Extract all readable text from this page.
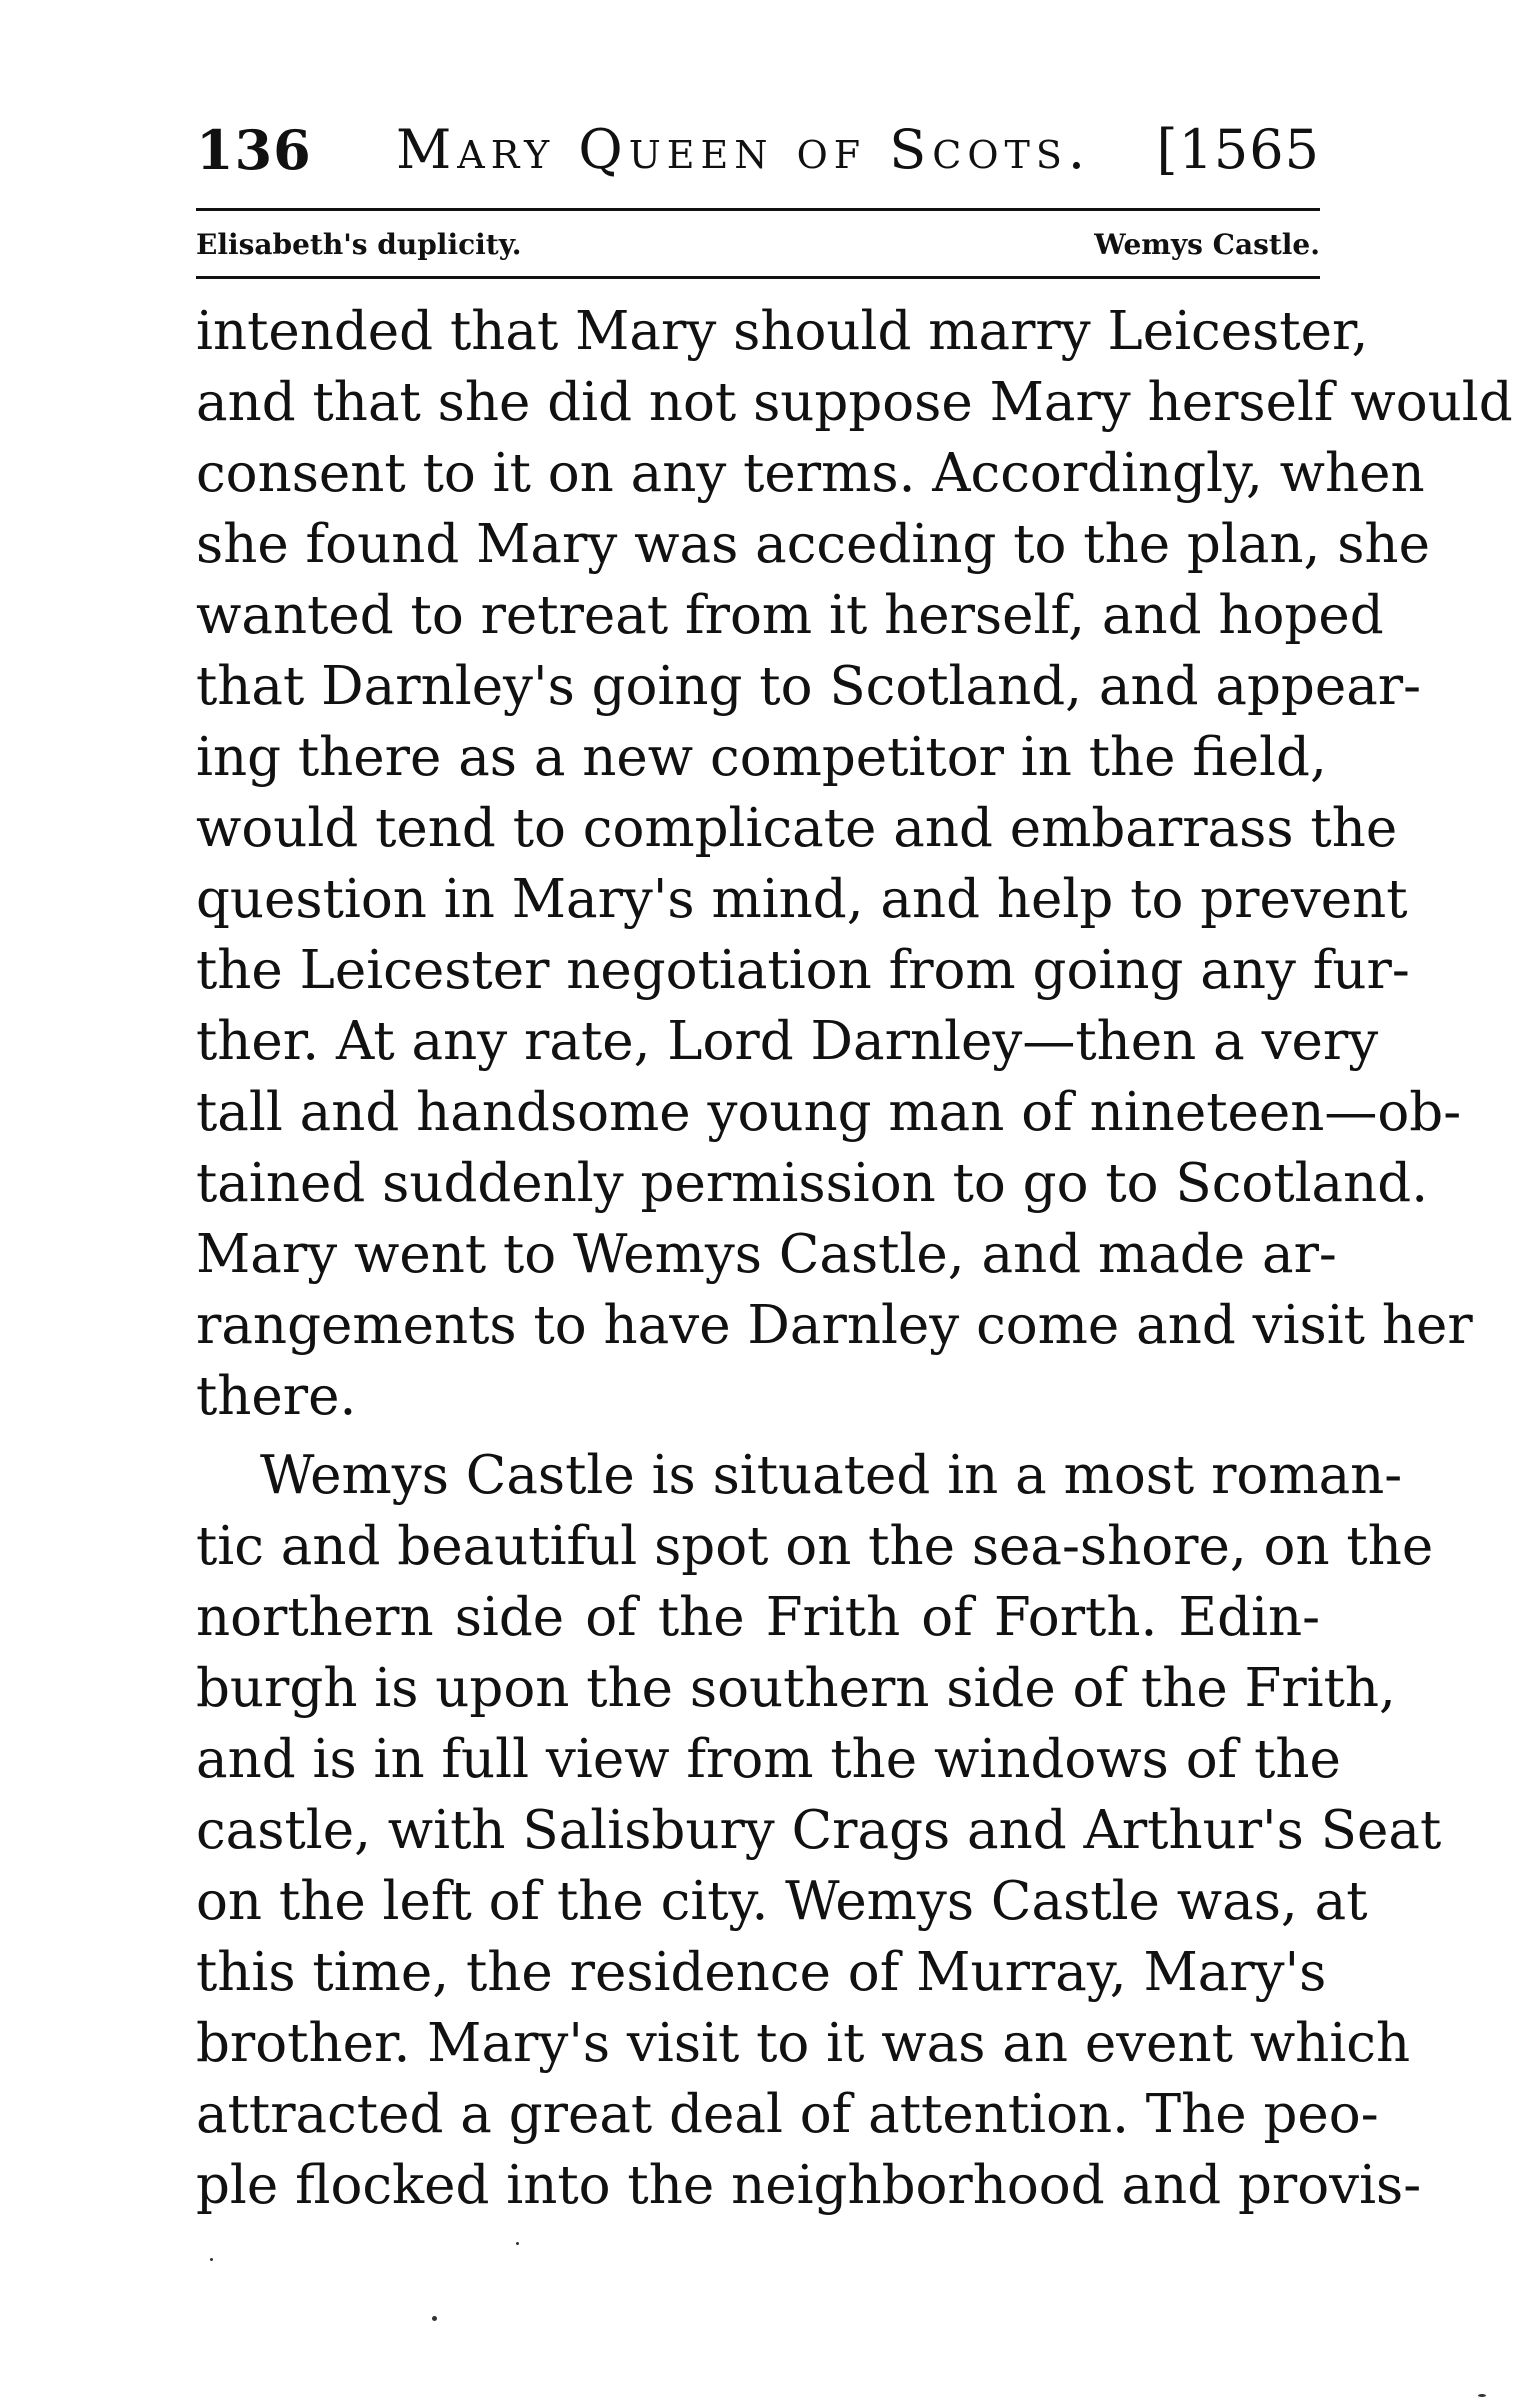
136 Mary Queen of Scots. [1565
Elisabeth's duplicity.	Wemys Castle.
intended that Mary should marry Leicester,
and that she did not suppose Mary herself would
consent to it on any terms. Accordingly, when
she found Mary was acceding to the plan, she
wanted to retreat from it herself, and hoped
that Darnley's going to Scotland, and appear-
ing there as a new competitor in the field,
would tend to complicate and embarrass the
question in Mary's mind, and help to prevent
the Leicester negotiation from going any fur-
ther. At any rate, Lord Darnley—then a very
tall and handsome young man of nineteen—ob-
tained suddenly permission to go to Scotland.
Mary went to Wemys Castle, and made ar-
rangements to have Darnley come and visit her
there.
Wemys Castle is situated in a most roman-
tic and beautiful spot on the sea-shore, on the
northern side of the Frith of Forth. Edin-
burgh is upon the southern side of the Frith,
and is in full view from the windows of the
castle, with Salisbury Crags and Arthur's Seat
on the left of the city. Wemys Castle was, at
this time, the residence of Murray, Mary's
brother. Mary's visit to it was an event which
attracted a great deal of attention. The peo-
ple flocked into the neighborhood and provis-
